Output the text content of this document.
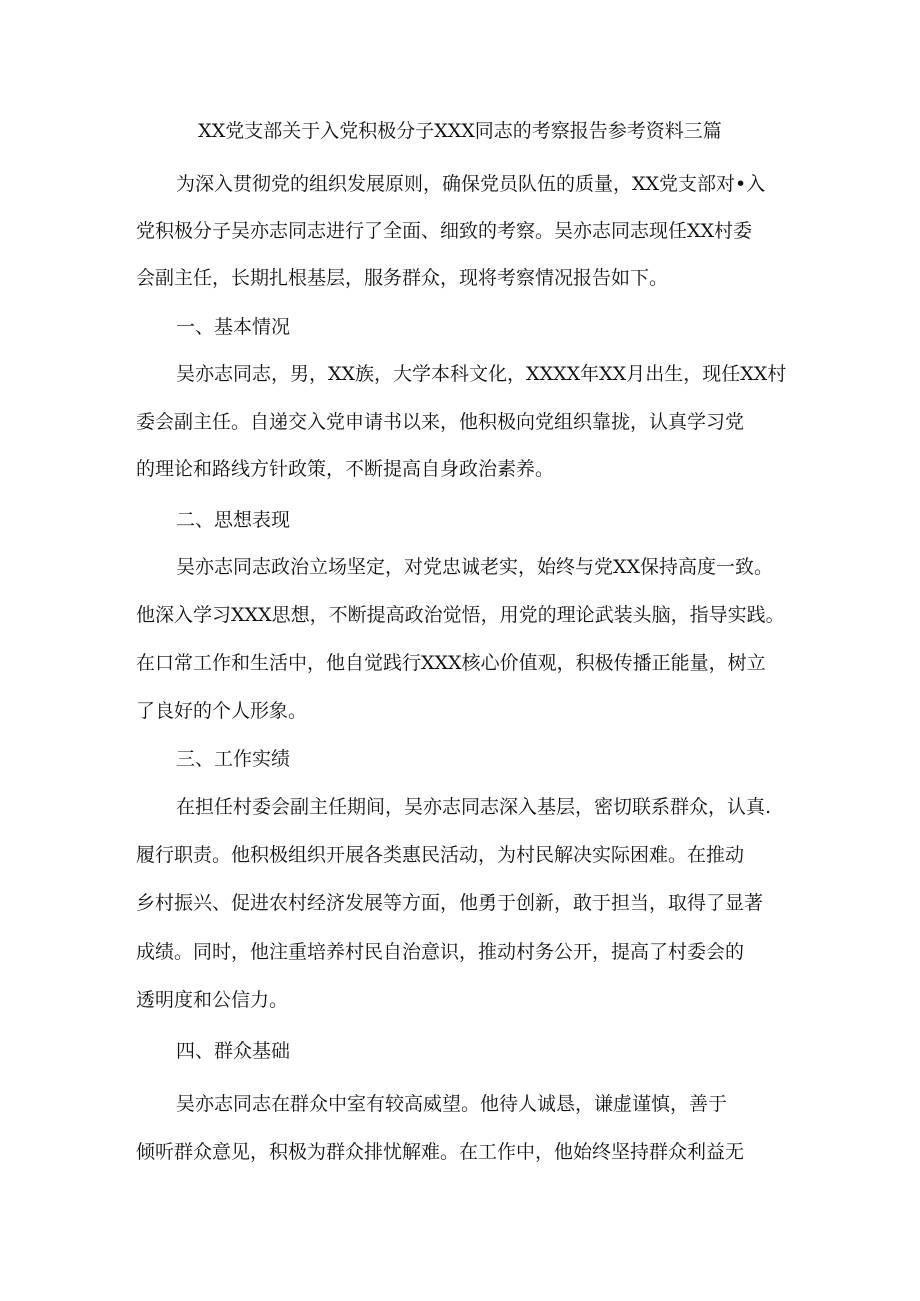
XX党支部关于入党积极分子XXX同志的考察报告参考资料三篇

为深入贯彻党的组织发展原则，确保党员队伍的质量，XX党支部对•入

党积极分子吴亦志同志进行了全面、细致的考察。吴亦志同志现任XX村委

会副主任，长期扎根基层，服务群众，现将考察情况报告如下。

一、基本情况

吴亦志同志，男，XX族，大学本科文化，XXXX年XX月出生，现任XX村

委会副主任。自递交入党申请书以来，他积极向党组织靠拢，认真学习党

的理论和路线方针政策，不断提高自身政治素养。

二、思想表现

吴亦志同志政治立场坚定，对党忠诚老实，始终与党XX保持高度一致。

他深入学习XXX思想，不断提高政治觉悟，用党的理论武装头脑，指导实践。

在口常工作和生活中，他自觉践行XXX核心价值观，积极传播正能量，树立

了良好的个人形象。

三、工作实绩

在担任村委会副主任期间，吴亦志同志深入基层，密切联系群众，认真.

履行职责。他积极组织开展各类惠民活动，为村民解决实际困难。在推动

乡村振兴、促进农村经济发展等方面，他勇于创新，敢于担当，取得了显著

成绩。同时，他注重培养村民自治意识，推动村务公开，提高了村委会的

透明度和公信力。

四、群众基础

吴亦志同志在群众中室有较高威望。他待人诚恳，谦虚谨慎，善于

倾听群众意见，积极为群众排忧解难。在工作中，他始终坚持群众利益无
